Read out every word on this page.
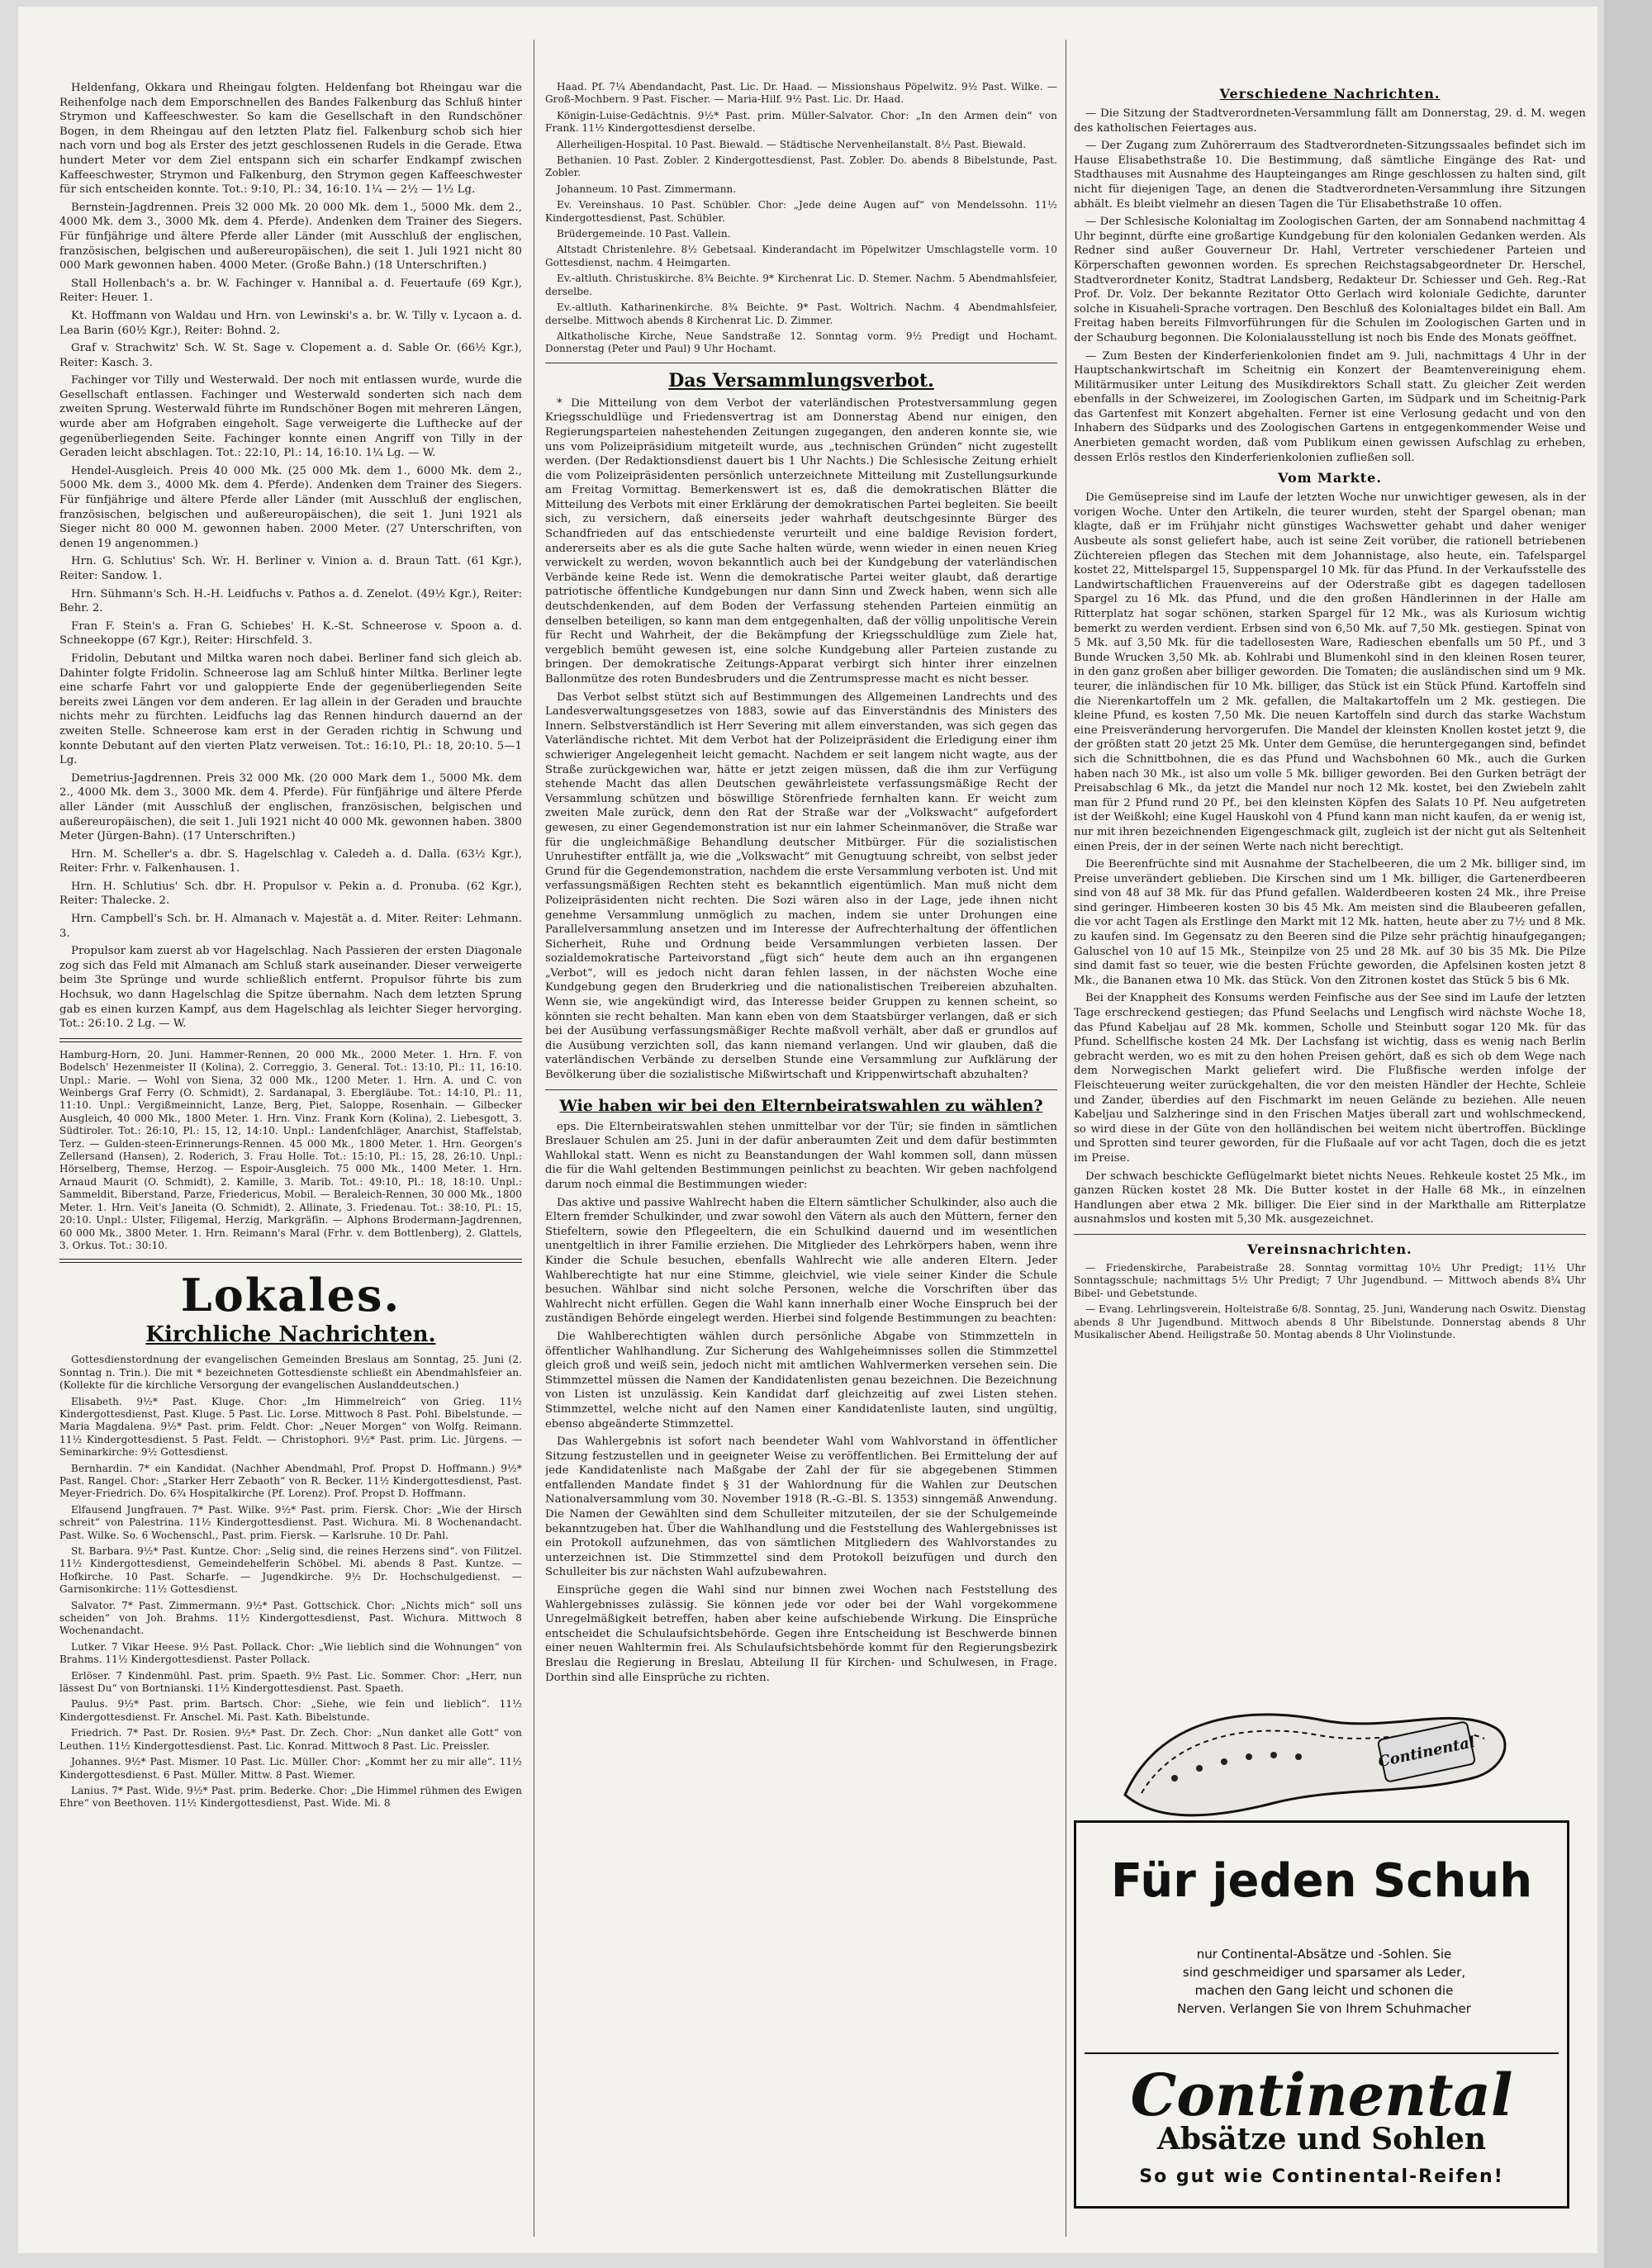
Heldenfang, Okkara und Rheingau folgten. Heldenfang bot Rheingau war die Reihenfolge nach dem Emporschnellen des Bandes Falkenburg das Schluß hinter Strymon und Kaffeeschwester. So kam die Gesellschaft in den Rundschöner Bogen, in dem Rheingau auf den letzten Platz fiel. Falkenburg schob sich hier nach vorn und bog als Erster des jetzt geschlossenen Rudels in die Gerade. Etwa hundert Meter vor dem Ziel entspann sich ein scharfer Endkampf zwischen Kaffeeschwester, Strymon und Falkenburg, den Strymon gegen Kaffeeschwester für sich entscheiden konnte. Tot.: 9:10, Pl.: 34, 16:10. 1¼ — 2½ — 1½ Lg.

Bernstein-Jagdrennen. Preis 32 000 Mk. 20 000 Mk. dem 1., 5000 Mk. dem 2., 4000 Mk. dem 3., 3000 Mk. dem 4. Pferde). Andenken dem Trainer des Siegers. Für fünfjährige und ältere Pferde aller Länder (mit Ausschluß der englischen, französischen, belgischen und außereuropäischen), die seit 1. Juli 1921 nicht 80 000 Mark gewonnen haben. 4000 Meter. (Große Bahn.) (18 Unterschriften.)

Stall Hollenbach's a. br. W. Fachinger v. Hannibal a. d. Feuertaufe (69 Kgr.), Reiter: Heuer. 1.

Kt. Hoffmann von Waldau und Hrn. von Lewinski's a. br. W. Tilly v. Lycaon a. d. Lea Barin (60½ Kgr.), Reiter: Bohnd. 2.

Graf v. Strachwitz' Sch. W. St. Sage v. Clopement a. d. Sable Or. (66½ Kgr.), Reiter: Kasch. 3.

Fachinger vor Tilly und Westerwald. Der noch mit entlassen wurde, wurde die Gesellschaft entlassen. Fachinger und Westerwald sonderten sich nach dem zweiten Sprung. Westerwald führte im Rundschöner Bogen mit mehreren Längen, wurde aber am Hofgraben eingeholt. Sage verweigerte die Lufthecke auf der gegenüberliegenden Seite. Fachinger konnte einen Angriff von Tilly in der Geraden leicht abschlagen. Tot.: 22:10, Pl.: 14, 16:10. 1¼ Lg. — W.

Hendel-Ausgleich. Preis 40 000 Mk. (25 000 Mk. dem 1., 6000 Mk. dem 2., 5000 Mk. dem 3., 4000 Mk. dem 4. Pferde). Andenken dem Trainer des Siegers. Für fünfjährige und ältere Pferde aller Länder (mit Ausschluß der englischen, französischen, belgischen und außereuropäischen), die seit 1. Juni 1921 als Sieger nicht 80 000 M. gewonnen haben. 2000 Meter. (27 Unterschriften, von denen 19 angenommen.)

Hrn. G. Schlutius' Sch. Wr. H. Berliner v. Vinion a. d. Braun Tatt. (61 Kgr.), Reiter: Sandow. 1.

Hrn. Sühmann's Sch. H.-H. Leidfuchs v. Pathos a. d. Zenelot. (49½ Kgr.), Reiter: Behr. 2.

Fran F. Stein's a. Fran G. Schiebes' H. K.-St. Schneerose v. Spoon a. d. Schneekoppe (67 Kgr.), Reiter: Hirschfeld. 3.

Fridolin, Debutant und Miltka waren noch dabei. Berliner fand sich gleich ab. Dahinter folgte Fridolin. Schneerose lag am Schluß hinter Miltka. Berliner legte eine scharfe Fahrt vor und galoppierte Ende der gegenüberliegenden Seite bereits zwei Längen vor dem anderen. Er lag allein in der Geraden und brauchte nichts mehr zu fürchten. Leidfuchs lag das Rennen hindurch dauernd an der zweiten Stelle. Schneerose kam erst in der Geraden richtig in Schwung und konnte Debutant auf den vierten Platz verweisen. Tot.: 16:10, Pl.: 18, 20:10. 5—1 Lg.

Demetrius-Jagdrennen. Preis 32 000 Mk. (20 000 Mark dem 1., 5000 Mk. dem 2., 4000 Mk. dem 3., 3000 Mk. dem 4. Pferde). Für fünfjährige und ältere Pferde aller Länder (mit Ausschluß der englischen, französischen, belgischen und außereuropäischen), die seit 1. Juli 1921 nicht 40 000 Mk. gewonnen haben. 3800 Meter (Jürgen-Bahn). (17 Unterschriften.)

Hrn. M. Scheller's a. dbr. S. Hagelschlag v. Caledeh a. d. Dalla. (63½ Kgr.), Reiter: Frhr. v. Falkenhausen. 1.

Hrn. H. Schlutius' Sch. dbr. H. Propulsor v. Pekin a. d. Pronuba. (62 Kgr.), Reiter: Thalecke. 2.

Hrn. Campbell's Sch. br. H. Almanach v. Majestät a. d. Miter. Reiter: Lehmann. 3.

Propulsor kam zuerst ab vor Hagelschlag. Nach Passieren der ersten Diagonale zog sich das Feld mit Almanach am Schluß stark auseinander. Dieser verweigerte beim 3te Sprünge und wurde schließlich entfernt. Propulsor führte bis zum Hochsuk, wo dann Hagelschlag die Spitze übernahm. Nach dem letzten Sprung gab es einen kurzen Kampf, aus dem Hagelschlag als leichter Sieger hervorging. Tot.: 26:10. 2 Lg. — W.

Hamburg-Horn, 20. Juni. Hammer-Rennen, 20 000 Mk., 2000 Meter. 1. Hrn. F. von Bodelsch' Hezenmeister II (Kolina), 2. Correggio, 3. General. Tot.: 13:10, Pl.: 11, 16:10. Unpl.: Marie. — Wohl von Siena, 32 000 Mk., 1200 Meter. 1. Hrn. A. und C. von Weinbergs Graf Ferry (O. Schmidt), 2. Sardanapal, 3. Ebergläube. Tot.: 14:10, Pl.: 11, 11:10. Unpl.: Vergißmeinnicht, Lanze, Berg, Piet, Saloppe, Rosenhain. — Gilbecker Ausgleich, 40 000 Mk., 1800 Meter. 1. Hrn. Vinz. Frank Korn (Kolina), 2. Liebesgott, 3. Südtiroler. Tot.: 26:10, Pl.: 15, 12, 14:10. Unpl.: Landenfchläger, Anarchist, Staffelstab, Terz. — Gulden-steen-Erinnerungs-Rennen. 45 000 Mk., 1800 Meter. 1. Hrn. Georgen's Zellersand (Hansen), 2. Roderich, 3. Frau Holle. Tot.: 15:10, Pl.: 15, 28, 26:10. Unpl.: Hörselberg, Themse, Herzog. — Espoir-Ausgleich. 75 000 Mk., 1400 Meter. 1. Hrn. Arnaud Maurit (O. Schmidt), 2. Kamille, 3. Marib. Tot.: 49:10, Pl.: 18, 18:10. Unpl.: Sammeldit, Biberstand, Parze, Friedericus, Mobil. — Beraleich-Rennen, 30 000 Mk., 1800 Meter. 1. Hrn. Veit's Janeita (O. Schmidt), 2. Allinate, 3. Friedenau. Tot.: 38:10, Pl.: 15, 20:10. Unpl.: Ulster, Filigemal, Herzig, Markgräfin. — Alphons Brodermann-Jagdrennen, 60 000 Mk., 3800 Meter. 1. Hrn. Reimann's Maral (Frhr. v. dem Bottlenberg), 2. Glattels, 3. Orkus. Tot.: 30:10.

Lokales.
Kirchliche Nachrichten.

Gottesdienstordnung der evangelischen Gemeinden Breslaus am Sonntag, 25. Juni (2. Sonntag n. Trin.). Die mit * bezeichneten Gottesdienste schließt ein Abendmahlsfeier an. (Kollekte für die kirchliche Versorgung der evangelischen Auslanddeutschen.)

Elisabeth. 9½* Past. Kluge. Chor: „Im Himmelreich“ von Grieg. 11½ Kindergottesdienst, Past. Kluge. 5 Past. Lic. Lorse. Mittwoch 8 Past. Pohl. Bibelstunde. — Maria Magdalena. 9½* Past. prim. Feldt. Chor: „Neuer Morgen“ von Wolfg. Reimann. 11½ Kindergottesdienst. 5 Past. Feldt. — Christophori. 9½* Past. prim. Lic. Jürgens. — Seminarkirche: 9½ Gottesdienst.

Bernhardin. 7* ein Kandidat. (Nachher Abendmahl, Prof. Propst D. Hoffmann.) 9½* Past. Rangel. Chor: „Starker Herr Zebaoth“ von R. Becker. 11½ Kindergottesdienst, Past. Meyer-Friedrich. Do. 6¾ Hospitalkirche (Pf. Lorenz). Prof. Propst D. Hoffmann.

Elfausend Jungfrauen. 7* Past. Wilke. 9½* Past. prim. Fiersk. Chor: „Wie der Hirsch schreit“ von Palestrina. 11½ Kindergottesdienst. Past. Wichura. Mi. 8 Wochenandacht. Past. Wilke. So. 6 Wochenschl., Past. prim. Fiersk. — Karlsruhe. 10 Dr. Pahl.

St. Barbara. 9½* Past. Kuntze. Chor: „Selig sind, die reines Herzens sind“. von Filitzel. 11½ Kindergottesdienst, Gemeindehelferin Schöbel. Mi. abends 8 Past. Kuntze. — Hofkirche. 10 Past. Scharfe. — Jugendkirche. 9½ Dr. Hochschulgedienst. — Garnisonkirche: 11½ Gottesdienst.

Salvator. 7* Past. Zimmermann. 9½* Past. Gottschick. Chor: „Nichts mich“ soll uns scheiden“ von Joh. Brahms. 11½ Kindergottesdienst, Past. Wichura. Mittwoch 8 Wochenandacht.

Lutker. 7 Vikar Heese. 9½ Past. Pollack. Chor: „Wie lieblich sind die Wohnungen“ von Brahms. 11½ Kindergottesdienst. Paster Pollack.

Erlöser. 7 Kindenmühl. Past. prim. Spaeth. 9½ Past. Lic. Sommer. Chor: „Herr, nun lässest Du“ von Bortnianski. 11½ Kindergottesdienst. Past. Spaeth.

Paulus. 9½* Past. prim. Bartsch. Chor: „Siehe, wie fein und lieblich“. 11½ Kindergottesdienst. Fr. Anschel. Mi. Past. Kath. Bibelstunde.

Friedrich. 7* Past. Dr. Rosien. 9½* Past. Dr. Zech. Chor: „Nun danket alle Gott“ von Leuthen. 11½ Kindergottesdienst. Past. Lic. Konrad. Mittwoch 8 Past. Lic. Preissler.

Johannes. 9½* Past. Mismer. 10 Past. Lic. Müller. Chor: „Kommt her zu mir alle“. 11½ Kindergottesdienst. 6 Past. Müller. Mittw. 8 Past. Wiemer.

Lanius. 7* Past. Wide. 9½* Past. prim. Bederke. Chor: „Die Himmel rühmen des Ewigen Ehre“ von Beethoven. 11½ Kindergottesdienst, Past. Wide. Mi. 8

Haad. Pf. 7¼ Abendandacht, Past. Lic. Dr. Haad. — Missionshaus Pöpelwitz. 9½ Past. Wilke. — Groß-Mochbern. 9 Past. Fischer. — Maria-Hilf. 9½ Past. Lic. Dr. Haad.

Königin-Luise-Gedächtnis. 9½* Past. prim. Müller-Salvator. Chor: „In den Armen dein“ von Frank. 11½ Kindergottesdienst derselbe.

Allerheiligen-Hospital. 10 Past. Biewald. — Städtische Nervenheilanstalt. 8½ Past. Biewald.

Bethanien. 10 Past. Zobler. 2 Kindergottesdienst, Past. Zobler. Do. abends 8 Bibelstunde, Past. Zobler.

Johanneum. 10 Past. Zimmermann.

Ev. Vereinshaus. 10 Past. Schübler. Chor: „Jede deine Augen auf“ von Mendelssohn. 11½ Kindergottesdienst, Past. Schübler.

Brüdergemeinde. 10 Past. Vallein.

Altstadt Christenlehre. 8½ Gebetsaal. Kinderandacht im Pöpelwitzer Umschlagstelle vorm. 10 Gottesdienst, nachm. 4 Heimgarten.

Ev.-altluth. Christuskirche. 8¾ Beichte. 9* Kirchenrat Lic. D. Stemer. Nachm. 5 Abendmahlsfeier, derselbe.

Ev.-altluth. Katharinenkirche. 8¾ Beichte. 9* Past. Woltrich. Nachm. 4 Abendmahlsfeier, derselbe. Mittwoch abends 8 Kirchenrat Lic. D. Zimmer.

Altkatholische Kirche, Neue Sandstraße 12. Sonntag vorm. 9½ Predigt und Hochamt. Donnerstag (Peter und Paul) 9 Uhr Hochamt.

Das Versammlungsverbot.

* Die Mitteilung von dem Verbot der vaterländischen Protestversammlung gegen Kriegsschuldlüge und Friedensvertrag ist am Donnerstag Abend nur einigen, den Regierungsparteien nahestehenden Zeitungen zugegangen, den anderen konnte sie, wie uns vom Polizeipräsidium mitgeteilt wurde, aus „technischen Gründen“ nicht zugestellt werden. (Der Redaktionsdienst dauert bis 1 Uhr Nachts.) Die Schlesische Zeitung erhielt die vom Polizeipräsidenten persönlich unterzeichnete Mitteilung mit Zustellungsurkunde am Freitag Vormittag. Bemerkenswert ist es, daß die demokratischen Blätter die Mitteilung des Verbots mit einer Erklärung der demokratischen Partei begleiten. Sie beeilt sich, zu versichern, daß einerseits jeder wahrhaft deutschgesinnte Bürger des Schandfrieden auf das entschiedenste verurteilt und eine baldige Revision fordert, andererseits aber es als die gute Sache halten würde, wenn wieder in einen neuen Krieg verwickelt zu werden, wovon bekanntlich auch bei der Kundgebung der vaterländischen Verbände keine Rede ist. Wenn die demokratische Partei weiter glaubt, daß derartige patriotische öffentliche Kundgebungen nur dann Sinn und Zweck haben, wenn sich alle deutschdenkenden, auf dem Boden der Verfassung stehenden Parteien einmütig an denselben beteiligen, so kann man dem entgegenhalten, daß der völlig unpolitische Verein für Recht und Wahrheit, der die Bekämpfung der Kriegsschuldlüge zum Ziele hat, vergeblich bemüht gewesen ist, eine solche Kundgebung aller Parteien zustande zu bringen. Der demokratische Zeitungs-Apparat verbirgt sich hinter ihrer einzelnen Ballonmütze des roten Bundesbruders und die Zentrumspresse macht es nicht besser.

Das Verbot selbst stützt sich auf Bestimmungen des Allgemeinen Landrechts und des Landesverwaltungsgesetzes von 1883, sowie auf das Einverständnis des Ministers des Innern. Selbstverständlich ist Herr Severing mit allem einverstanden, was sich gegen das Vaterländische richtet. Mit dem Verbot hat der Polizeipräsident die Erledigung einer ihm schwieriger Angelegenheit leicht gemacht. Nachdem er seit langem nicht wagte, aus der Straße zurückgewichen war, hätte er jetzt zeigen müssen, daß die ihm zur Verfügung stehende Macht das allen Deutschen gewährleistete verfassungsmäßige Recht der Versammlung schützen und böswillige Störenfriede fernhalten kann. Er weicht zum zweiten Male zurück, denn den Rat der Straße war der „Volkswacht“ aufgefordert gewesen, zu einer Gegendemonstration ist nur ein lahmer Scheinmanöver, die Straße war für die ungleichmäßige Behandlung deutscher Mitbürger. Für die sozialistischen Unruhestifter entfällt ja, wie die „Volkswacht“ mit Genugtuung schreibt, von selbst jeder Grund für die Gegendemonstration, nachdem die erste Versammlung verboten ist. Und mit verfassungsmäßigen Rechten steht es bekanntlich eigentümlich. Man muß nicht dem Polizeipräsidenten nicht rechten. Die Sozi wären also in der Lage, jede ihnen nicht genehme Versammlung unmöglich zu machen, indem sie unter Drohungen eine Parallelversammlung ansetzen und im Interesse der Aufrechterhaltung der öffentlichen Sicherheit, Ruhe und Ordnung beide Versammlungen verbieten lassen. Der sozialdemokratische Parteivorstand „fügt sich“ heute dem auch an ihn ergangenen „Verbot“, will es jedoch nicht daran fehlen lassen, in der nächsten Woche eine Kundgebung gegen den Bruderkrieg und die nationalistischen Treibereien abzuhalten. Wenn sie, wie angekündigt wird, das Interesse beider Gruppen zu kennen scheint, so könnten sie recht behalten. Man kann eben von dem Staatsbürger verlangen, daß er sich bei der Ausübung verfassungsmäßiger Rechte maßvoll verhält, aber daß er grundlos auf die Ausübung verzichten soll, das kann niemand verlangen. Und wir glauben, daß die vaterländischen Verbände zu derselben Stunde eine Versammlung zur Aufklärung der Bevölkerung über die sozialistische Mißwirtschaft und Krippenwirtschaft abzuhalten?

Wie haben wir bei den Elternbeiratswahlen zu wählen?

eps. Die Elternbeiratswahlen stehen unmittelbar vor der Tür; sie finden in sämtlichen Breslauer Schulen am 25. Juni in der dafür anberaumten Zeit und dem dafür bestimmten Wahllokal statt. Wenn es nicht zu Beanstandungen der Wahl kommen soll, dann müssen die für die Wahl geltenden Bestimmungen peinlichst zu beachten. Wir geben nachfolgend darum noch einmal die Bestimmungen wieder:

Das aktive und passive Wahlrecht haben die Eltern sämtlicher Schulkinder, also auch die Eltern fremder Schulkinder, und zwar sowohl den Vätern als auch den Müttern, ferner den Stiefeltern, sowie den Pflegeeltern, die ein Schulkind dauernd und im wesentlichen unentgeltlich in ihrer Familie erziehen. Die Mitglieder des Lehrkörpers haben, wenn ihre Kinder die Schule besuchen, ebenfalls Wahlrecht wie alle anderen Eltern. Jeder Wahlberechtigte hat nur eine Stimme, gleichviel, wie viele seiner Kinder die Schule besuchen. Wählbar sind nicht solche Personen, welche die Vorschriften über das Wahlrecht nicht erfüllen. Gegen die Wahl kann innerhalb einer Woche Einspruch bei der zuständigen Behörde eingelegt werden. Hierbei sind folgende Bestimmungen zu beachten:

Die Wahlberechtigten wählen durch persönliche Abgabe von Stimmzetteln in öffentlicher Wahlhandlung. Zur Sicherung des Wahlgeheimnisses sollen die Stimmzettel gleich groß und weiß sein, jedoch nicht mit amtlichen Wahlvermerken versehen sein. Die Stimmzettel müssen die Namen der Kandidatenlisten genau bezeichnen. Die Bezeichnung von Listen ist unzulässig. Kein Kandidat darf gleichzeitig auf zwei Listen stehen. Stimmzettel, welche nicht auf den Namen einer Kandidatenliste lauten, sind ungültig, ebenso abgeänderte Stimmzettel.

Das Wahlergebnis ist sofort nach beendeter Wahl vom Wahlvorstand in öffentlicher Sitzung festzustellen und in geeigneter Weise zu veröffentlichen. Bei Ermittelung der auf jede Kandidatenliste nach Maßgabe der Zahl der für sie abgegebenen Stimmen entfallenden Mandate findet § 31 der Wahlordnung für die Wahlen zur Deutschen Nationalversammlung vom 30. November 1918 (R.-G.-Bl. S. 1353) sinngemäß Anwendung. Die Namen der Gewählten sind dem Schulleiter mitzuteilen, der sie der Schulgemeinde bekanntzugeben hat. Über die Wahlhandlung und die Feststellung des Wahlergebnisses ist ein Protokoll aufzunehmen, das von sämtlichen Mitgliedern des Wahlvorstandes zu unterzeichnen ist. Die Stimmzettel sind dem Protokoll beizufügen und durch den Schulleiter bis zur nächsten Wahl aufzubewahren.

Einsprüche gegen die Wahl sind nur binnen zwei Wochen nach Feststellung des Wahlergebnisses zulässig. Sie können jede vor oder bei der Wahl vorgekommene Unregelmäßigkeit betreffen, haben aber keine aufschiebende Wirkung. Die Einsprüche entscheidet die Schulaufsichtsbehörde. Gegen ihre Entscheidung ist Beschwerde binnen einer neuen Wahltermin frei. Als Schulaufsichtsbehörde kommt für den Regierungsbezirk Breslau die Regierung in Breslau, Abteilung II für Kirchen- und Schulwesen, in Frage. Dorthin sind alle Einsprüche zu richten.

Verschiedene Nachrichten.

— Die Sitzung der Stadtverordneten-Versammlung fällt am Donnerstag, 29. d. M. wegen des katholischen Feiertages aus.

— Der Zugang zum Zuhörerraum des Stadtverordneten-Sitzungssaales befindet sich im Hause Elisabethstraße 10. Die Bestimmung, daß sämtliche Eingänge des Rat- und Stadthauses mit Ausnahme des Haupteinganges am Ringe geschlossen zu halten sind, gilt nicht für diejenigen Tage, an denen die Stadtverordneten-Versammlung ihre Sitzungen abhält. Es bleibt vielmehr an diesen Tagen die Tür Elisabethstraße 10 offen.

— Der Schlesische Kolonialtag im Zoologischen Garten, der am Sonnabend nachmittag 4 Uhr beginnt, dürfte eine großartige Kundgebung für den kolonialen Gedanken werden. Als Redner sind außer Gouverneur Dr. Hahl, Vertreter verschiedener Parteien und Körperschaften gewonnen worden. Es sprechen Reichstagsabgeordneter Dr. Herschel, Stadtverordneter Konitz, Stadtrat Landsberg, Redakteur Dr. Schiesser und Geh. Reg.-Rat Prof. Dr. Volz. Der bekannte Rezitator Otto Gerlach wird koloniale Gedichte, darunter solche in Kisuaheli-Sprache vortragen. Den Beschluß des Kolonialtages bildet ein Ball. Am Freitag haben bereits Filmvorführungen für die Schulen im Zoologischen Garten und in der Schauburg begonnen. Die Kolonialausstellung ist noch bis Ende des Monats geöffnet.

— Zum Besten der Kinderferienkolonien findet am 9. Juli, nachmittags 4 Uhr in der Hauptschankwirtschaft im Scheitnig ein Konzert der Beamtenvereinigung ehem. Militärmusiker unter Leitung des Musikdirektors Schall statt. Zu gleicher Zeit werden ebenfalls in der Schweizerei, im Zoologischen Garten, im Südpark und im Scheitnig-Park das Gartenfest mit Konzert abgehalten. Ferner ist eine Verlosung gedacht und von den Inhabern des Südparks und des Zoologischen Gartens in entgegenkommender Weise und Anerbieten gemacht worden, daß vom Publikum einen gewissen Aufschlag zu erheben, dessen Erlös restlos den Kinderferienkolonien zufließen soll.

Vom Markte.

Die Gemüsepreise sind im Laufe der letzten Woche nur unwichtiger gewesen, als in der vorigen Woche. Unter den Artikeln, die teurer wurden, steht der Spargel obenan; man klagte, daß er im Frühjahr nicht günstiges Wachswetter gehabt und daher weniger Ausbeute als sonst geliefert habe, auch ist seine Zeit vorüber, die rationell betriebenen Züchtereien pflegen das Stechen mit dem Johannistage, also heute, ein. Tafelspargel kostet 22, Mittelspargel 15, Suppenspargel 10 Mk. für das Pfund. In der Verkaufsstelle des Landwirtschaftlichen Frauenvereins auf der Oderstraße gibt es dagegen tadellosen Spargel zu 16 Mk. das Pfund, und die den großen Händlerinnen in der Halle am Ritterplatz hat sogar schönen, starken Spargel für 12 Mk., was als Kuriosum wichtig bemerkt zu werden verdient. Erbsen sind von 6,50 Mk. auf 7,50 Mk. gestiegen. Spinat von 5 Mk. auf 3,50 Mk. für die tadellosesten Ware, Radieschen ebenfalls um 50 Pf., und 3 Bunde Wrucken 3,50 Mk. ab. Kohlrabi und Blumenkohl sind in den kleinen Rosen teurer, in den ganz großen aber billiger geworden. Die Tomaten; die ausländischen sind um 9 Mk. teurer, die inländischen für 10 Mk. billiger, das Stück ist ein Stück Pfund. Kartoffeln sind die Nierenkartoffeln um 2 Mk. gefallen, die Maltakartoffeln um 2 Mk. gestiegen. Die kleine Pfund, es kosten 7,50 Mk. Die neuen Kartoffeln sind durch das starke Wachstum eine Preisveränderung hervorgerufen. Die Mandel der kleinsten Knollen kostet jetzt 9, die der größten statt 20 jetzt 25 Mk. Unter dem Gemüse, die heruntergegangen sind, befindet sich die Schnittbohnen, die es das Pfund und Wachsbohnen 60 Mk., auch die Gurken haben nach 30 Mk., ist also um volle 5 Mk. billiger geworden. Bei den Gurken beträgt der Preisabschlag 6 Mk., da jetzt die Mandel nur noch 12 Mk. kostet, bei den Zwiebeln zahlt man für 2 Pfund rund 20 Pf., bei den kleinsten Köpfen des Salats 10 Pf. Neu aufgetreten ist der Weißkohl; eine Kugel Hauskohl von 4 Pfund kann man nicht kaufen, da er wenig ist, nur mit ihren bezeichnenden Eigengeschmack gilt, zugleich ist der nicht gut als Seltenheit einen Preis, der in der seinen Werte nach nicht berechtigt.

Die Beerenfrüchte sind mit Ausnahme der Stachelbeeren, die um 2 Mk. billiger sind, im Preise unverändert geblieben. Die Kirschen sind um 1 Mk. billiger, die Gartenerdbeeren sind von 48 auf 38 Mk. für das Pfund gefallen. Walderdbeeren kosten 24 Mk., ihre Preise sind geringer. Himbeeren kosten 30 bis 45 Mk. Am meisten sind die Blaubeeren gefallen, die vor acht Tagen als Erstlinge den Markt mit 12 Mk. hatten, heute aber zu 7½ und 8 Mk. zu kaufen sind. Im Gegensatz zu den Beeren sind die Pilze sehr prächtig hinaufgegangen; Galuschel von 10 auf 15 Mk., Steinpilze von 25 und 28 Mk. auf 30 bis 35 Mk. Die Pilze sind damit fast so teuer, wie die besten Früchte geworden, die Apfelsinen kosten jetzt 8 Mk., die Bananen etwa 10 Mk. das Stück. Von den Zitronen kostet das Stück 5 bis 6 Mk.

Bei der Knappheit des Konsums werden Feinfische aus der See sind im Laufe der letzten Tage erschreckend gestiegen; das Pfund Seelachs und Lengfisch wird nächste Woche 18, das Pfund Kabeljau auf 28 Mk. kommen, Scholle und Steinbutt sogar 120 Mk. für das Pfund. Schellfische kosten 24 Mk. Der Lachsfang ist wichtig, dass es wenig nach Berlin gebracht werden, wo es mit zu den hohen Preisen gehört, daß es sich ob dem Wege nach dem Norwegischen Markt geliefert wird. Die Flußfische werden infolge der Fleischteuerung weiter zurückgehalten, die vor den meisten Händler der Hechte, Schleie und Zander, überdies auf den Fischmarkt im neuen Gelände zu beziehen. Alle neuen Kabeljau und Salzheringe sind in den Frischen Matjes überall zart und wohlschmeckend, so wird diese in der Güte von den holländischen bei weitem nicht übertroffen. Bücklinge und Sprotten sind teurer geworden, für die Flußaale auf vor acht Tagen, doch die es jetzt im Preise.

Der schwach beschickte Geflügelmarkt bietet nichts Neues. Rehkeule kostet 25 Mk., im ganzen Rücken kostet 28 Mk. Die Butter kostet in der Halle 68 Mk., in einzelnen Handlungen aber etwa 2 Mk. billiger. Die Eier sind in der Markthalle am Ritterplatze ausnahmslos und kosten mit 5,30 Mk. ausgezeichnet.

Vereinsnachrichten.

— Friedenskirche, Parabeistraße 28. Sonntag vormittag 10½ Uhr Predigt; 11½ Uhr Sonntagsschule; nachmittags 5½ Uhr Predigt; 7 Uhr Jugendbund. — Mittwoch abends 8¼ Uhr Bibel- und Gebetstunde.

— Evang. Lehrlingsverein, Holteistraße 6/8. Sonntag, 25. Juni, Wanderung nach Oswitz. Dienstag abends 8 Uhr Jugendbund. Mittwoch abends 8 Uhr Bibelstunde. Donnerstag abends 8 Uhr Musikalischer Abend. Heiligstraße 50. Montag abends 8 Uhr Violinstunde.

Continental
Für jeden Schuh
nur Continental-Absätze und -Sohlen. Sie
sind geschmeidiger und sparsamer als Leder,
machen den Gang leicht und schonen die
Nerven. Verlangen Sie von Ihrem Schuhmacher
Continental
Absätze und Sohlen
So gut wie Continental-Reifen!
